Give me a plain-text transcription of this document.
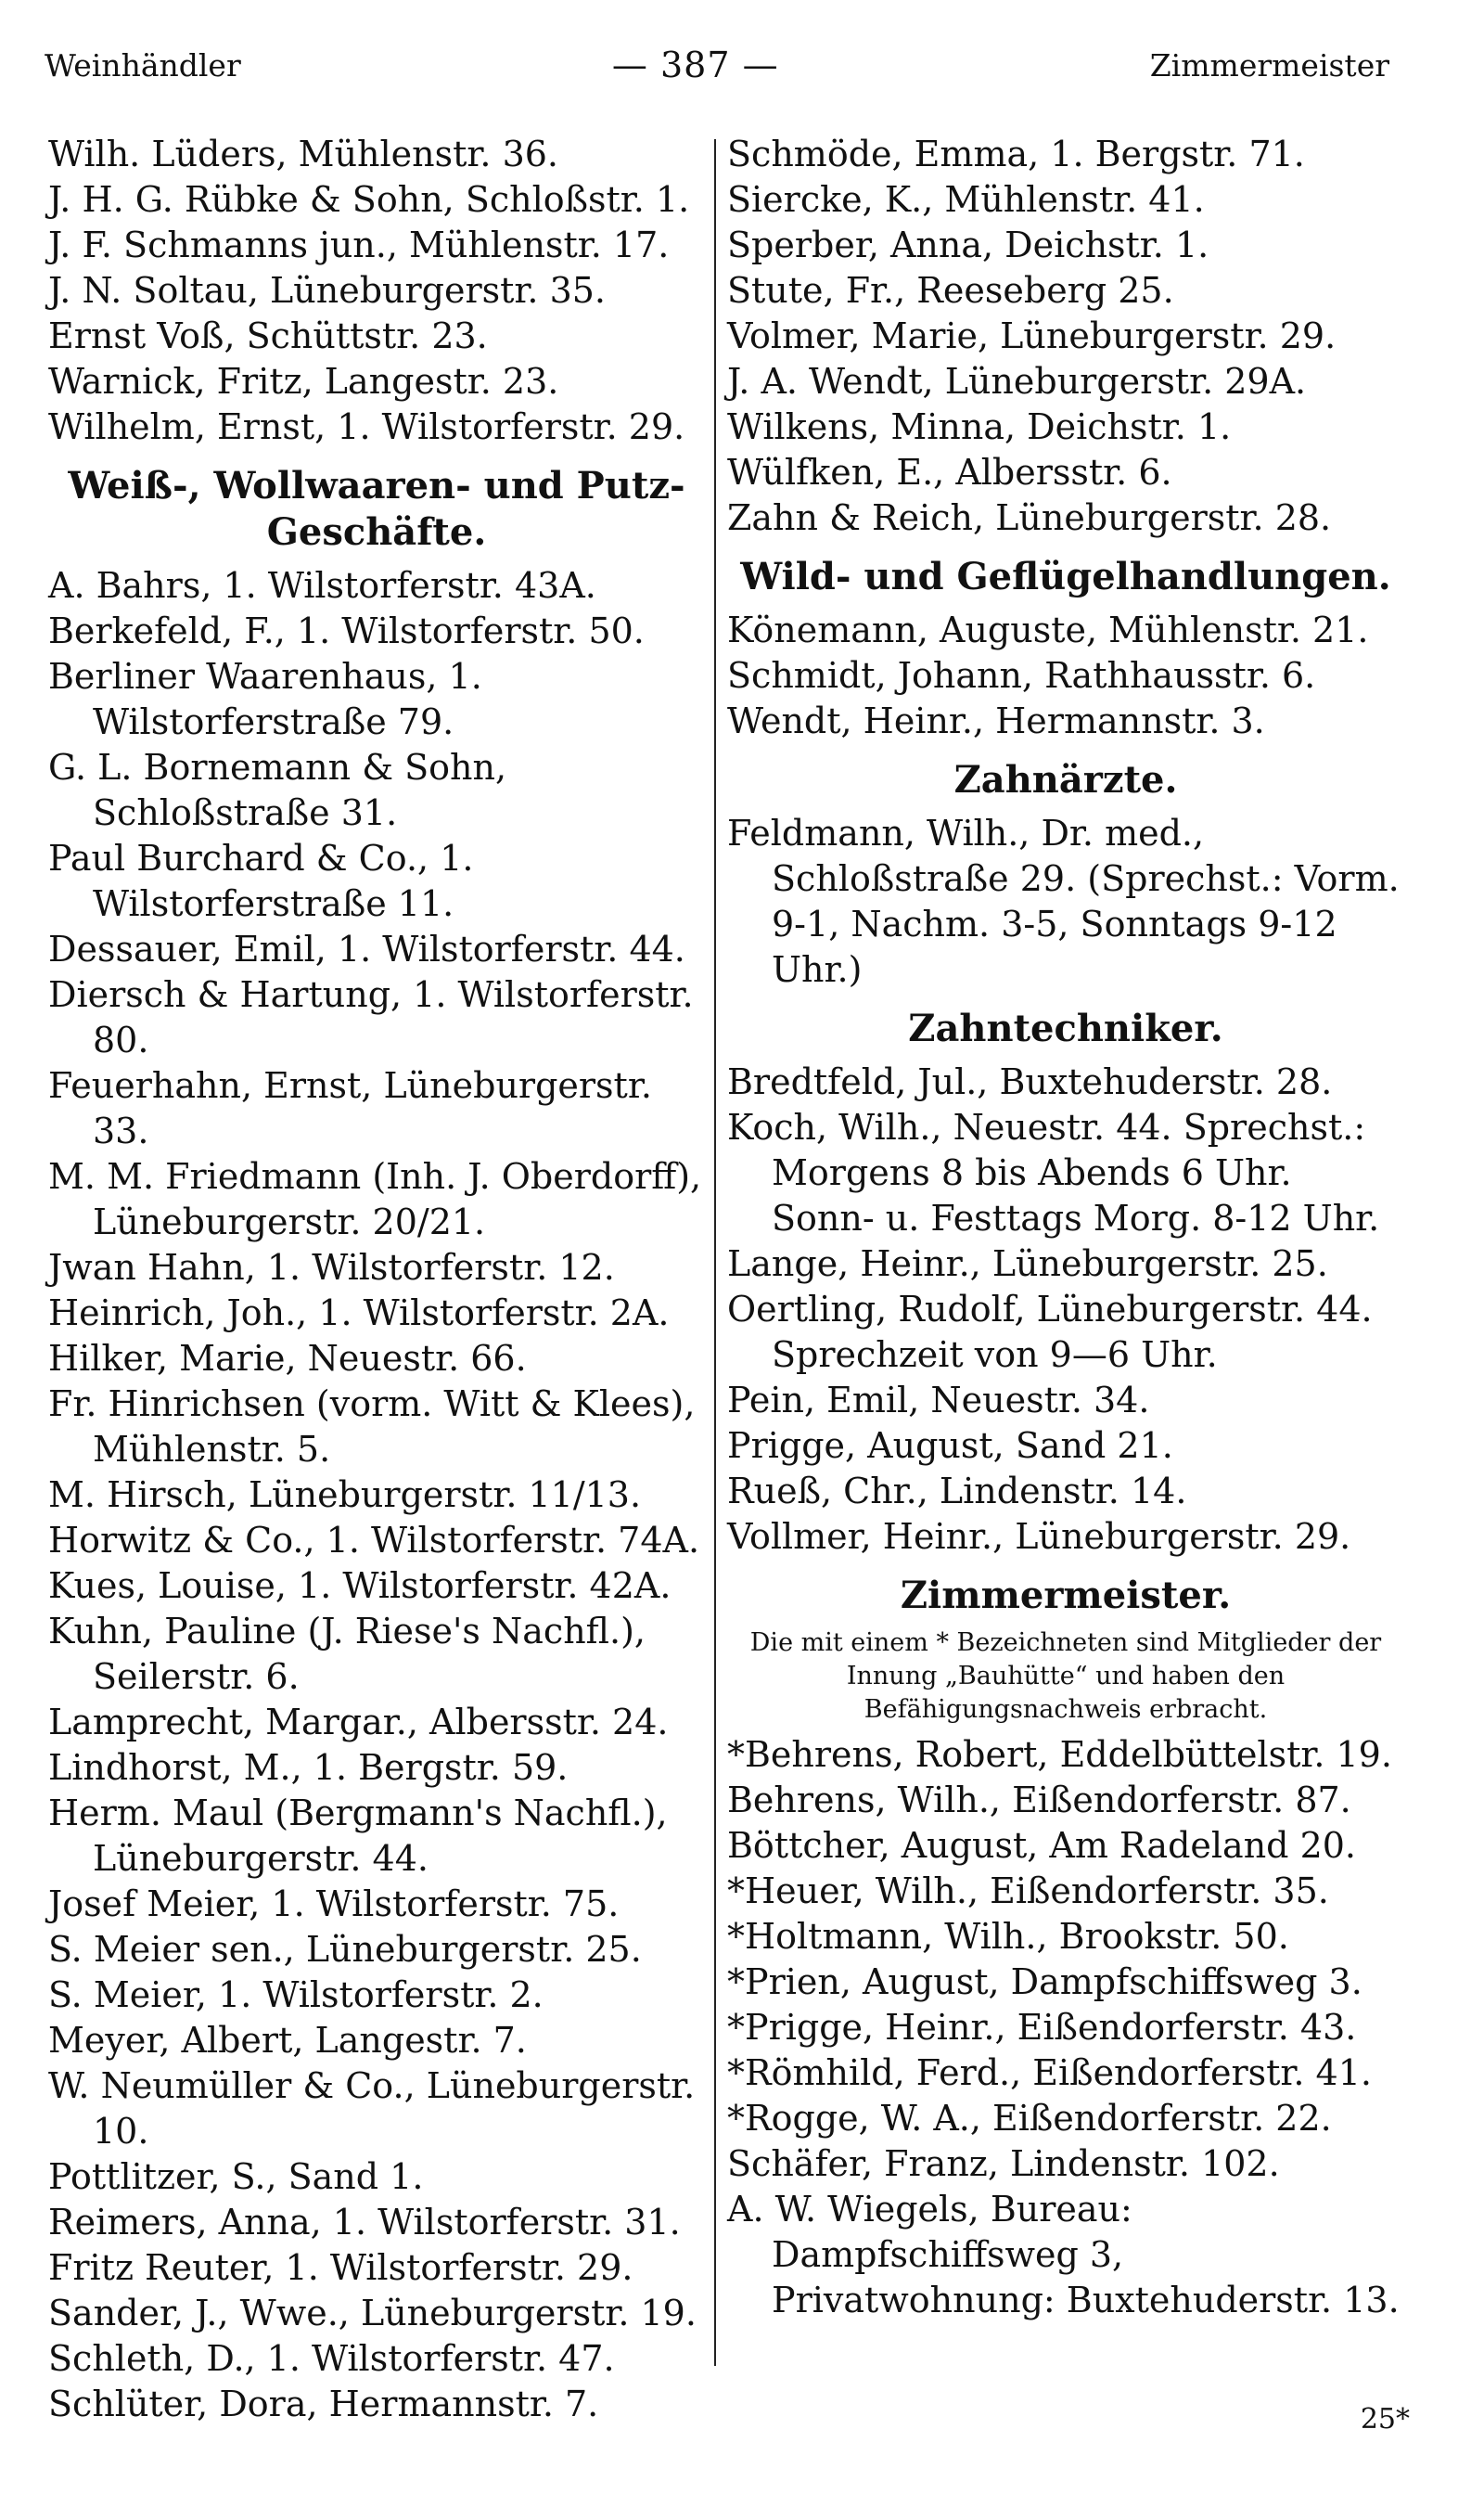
Weinhändler	— 387 —	Zimmermeister
Wilh. Lüders, Mühlenstr. 36.
J. H. G. Rübke & Sohn, Schloßstr. 1.
J. F. Schmanns jun., Mühlenstr. 17.
J. N. Soltau, Lüneburgerstr. 35.
Ernst Voß, Schüttstr. 23.
Warnick, Fritz, Langestr. 23.
Wilhelm, Ernst, 1. Wilstorferstr. 29.
Weiß-, Wollwaaren- und Putz-
Geschäfte.
A. Bahrs, 1. Wilstorferstr. 43A.
Berkefeld, F., 1. Wilstorferstr. 50.
Berliner Waarenhaus, 1. Wilstorferstraße 79.
G. L. Bornemann & Sohn, Schloßstraße 31.
Paul Burchard & Co., 1. Wilstorferstraße 11.
Dessauer, Emil, 1. Wilstorferstr. 44.
Diersch & Hartung, 1. Wilstorferstr. 80.
Feuerhahn, Ernst, Lüneburgerstr. 33.
M. M. Friedmann (Inh. J. Oberdorff), Lüneburgerstr. 20/21.
Jwan Hahn, 1. Wilstorferstr. 12.
Heinrich, Joh., 1. Wilstorferstr. 2A.
Hilker, Marie, Neuestr. 66.
Fr. Hinrichsen (vorm. Witt & Klees), Mühlenstr. 5.
M. Hirsch, Lüneburgerstr. 11/13.
Horwitz & Co., 1. Wilstorferstr. 74A.
Kues, Louise, 1. Wilstorferstr. 42A.
Kuhn, Pauline (J. Riese's Nachfl.), Seilerstr. 6.
Lamprecht, Margar., Albersstr. 24.
Lindhorst, M., 1. Bergstr. 59.
Herm. Maul (Bergmann's Nachfl.), Lüneburgerstr. 44.
Josef Meier, 1. Wilstorferstr. 75.
S. Meier sen., Lüneburgerstr. 25.
S. Meier, 1. Wilstorferstr. 2.
Meyer, Albert, Langestr. 7.
W. Neumüller & Co., Lüneburgerstr. 10.
Pottlitzer, S., Sand 1.
Reimers, Anna, 1. Wilstorferstr. 31.
Fritz Reuter, 1. Wilstorferstr. 29.
Sander, J., Wwe., Lüneburgerstr. 19.
Schleth, D., 1. Wilstorferstr. 47.
Schlüter, Dora, Hermannstr. 7.
Schmöde, Emma, 1. Bergstr. 71.
Siercke, K., Mühlenstr. 41.
Sperber, Anna, Deichstr. 1.
Stute, Fr., Reeseberg 25.
Volmer, Marie, Lüneburgerstr. 29.
J. A. Wendt, Lüneburgerstr. 29A.
Wilkens, Minna, Deichstr. 1.
Wülfken, E., Albersstr. 6.
Zahn & Reich, Lüneburgerstr. 28.
Wild- und Geflügelhandlungen.
Könemann, Auguste, Mühlenstr. 21.
Schmidt, Johann, Rathhausstr. 6.
Wendt, Heinr., Hermannstr. 3.
Zahnärzte.
Feldmann, Wilh., Dr. med., Schloßstraße 29. (Sprechst.: Vorm. 9-1, Nachm. 3-5, Sonntags 9-12 Uhr.)
Zahntechniker.
Bredtfeld, Jul., Buxtehuderstr. 28.
Koch, Wilh., Neuestr. 44. Sprechst.: Morgens 8 bis Abends 6 Uhr. Sonn- u. Festtags Morg. 8-12 Uhr.
Lange, Heinr., Lüneburgerstr. 25.
Oertling, Rudolf, Lüneburgerstr. 44. Sprechzeit von 9—6 Uhr.
Pein, Emil, Neuestr. 34.
Prigge, August, Sand 21.
Rueß, Chr., Lindenstr. 14.
Vollmer, Heinr., Lüneburgerstr. 29.
Zimmermeister.
Die mit einem * Bezeichneten sind Mitglieder der Innung „Bauhütte“ und haben den Befähigungsnachweis erbracht.
*Behrens, Robert, Eddelbüttelstr. 19.
Behrens, Wilh., Eißendorferstr. 87.
Böttcher, August, Am Radeland 20.
*Heuer, Wilh., Eißendorferstr. 35.
*Holtmann, Wilh., Brookstr. 50.
*Prien, August, Dampfschiffsweg 3.
*Prigge, Heinr., Eißendorferstr. 43.
*Römhild, Ferd., Eißendorferstr. 41.
*Rogge, W. A., Eißendorferstr. 22.
Schäfer, Franz, Lindenstr. 102.
A. W. Wiegels, Bureau: Dampfschiffsweg 3, Privatwohnung: Buxtehuderstr. 13.
25*
